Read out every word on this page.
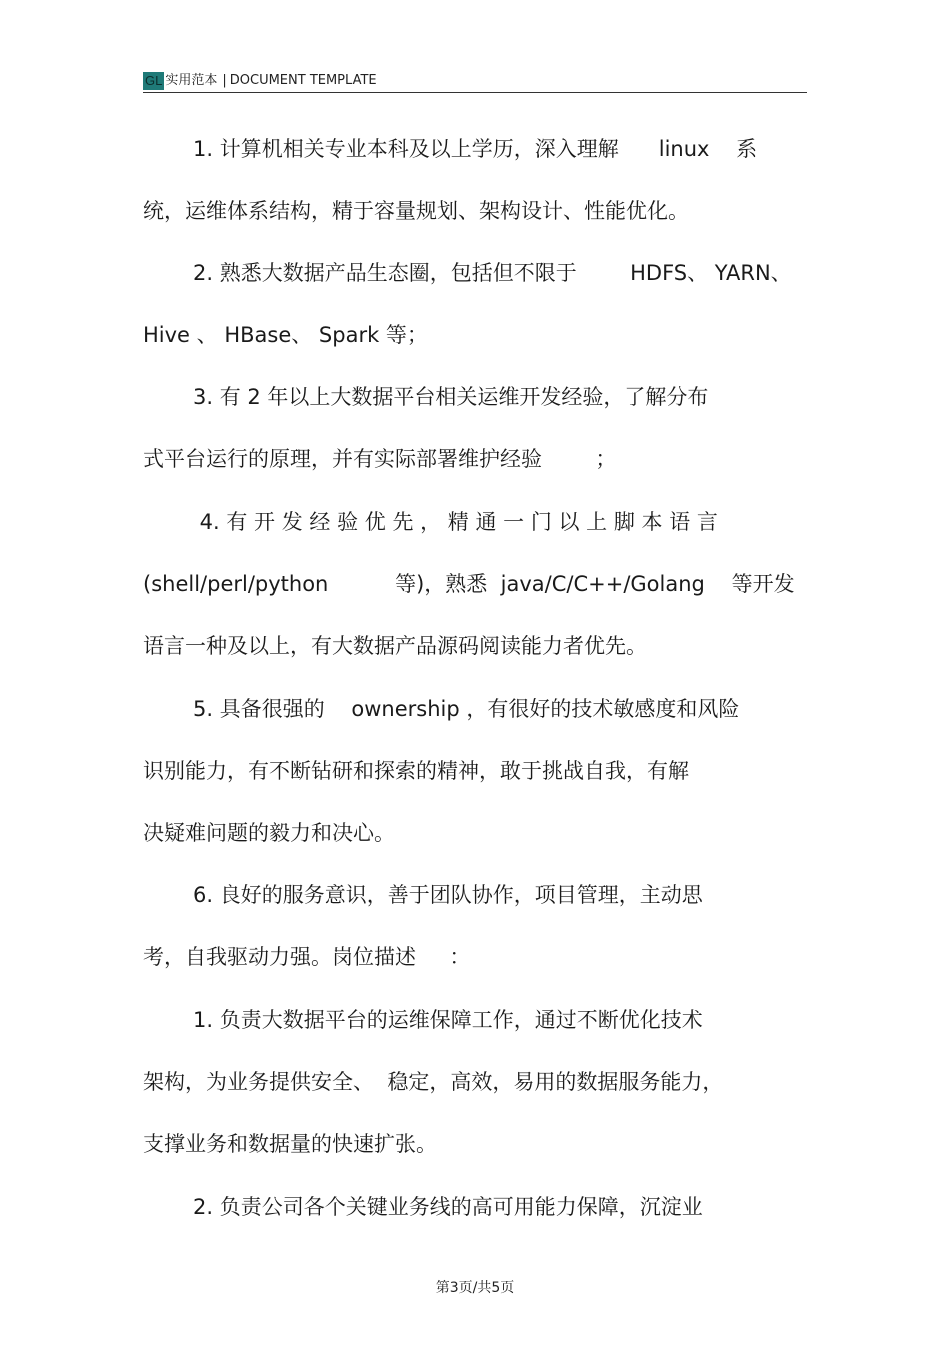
GL 实用范本 | DOCUMENT TEMPLATE
1. 计算机相关专业本科及以上学历，深入理解      linux    系
统，运维体系结构，精于容量规划、架构设计、性能优化。
2. 熟悉大数据产品生态圈，包括但不限于        HDFS、 YARN、
Hive 、 HBase、 Spark 等；
3. 有 2 年以上大数据平台相关运维开发经验，了解分布
式平台运行的原理，并有实际部署维护经验        ；
4. 有 开 发 经 验 优 先 ， 精 通 一 门 以 上 脚 本 语 言
(shell/perl/python          等)，熟悉  java/C/C++/Golang    等开发
语言一种及以上，有大数据产品源码阅读能力者优先。
5. 具备很强的    ownership ，有很好的技术敏感度和风险
识别能力，有不断钻研和探索的精神，敢于挑战自我，有解
决疑难问题的毅力和决心。
6. 良好的服务意识，善于团队协作，项目管理，主动思
考，自我驱动力强。岗位描述     ：
1. 负责大数据平台的运维保障工作，通过不断优化技术
架构，为业务提供安全、  稳定，高效，易用的数据服务能力，
支撑业务和数据量的快速扩张。
2. 负责公司各个关键业务线的高可用能力保障，沉淀业
第3页/共5页
